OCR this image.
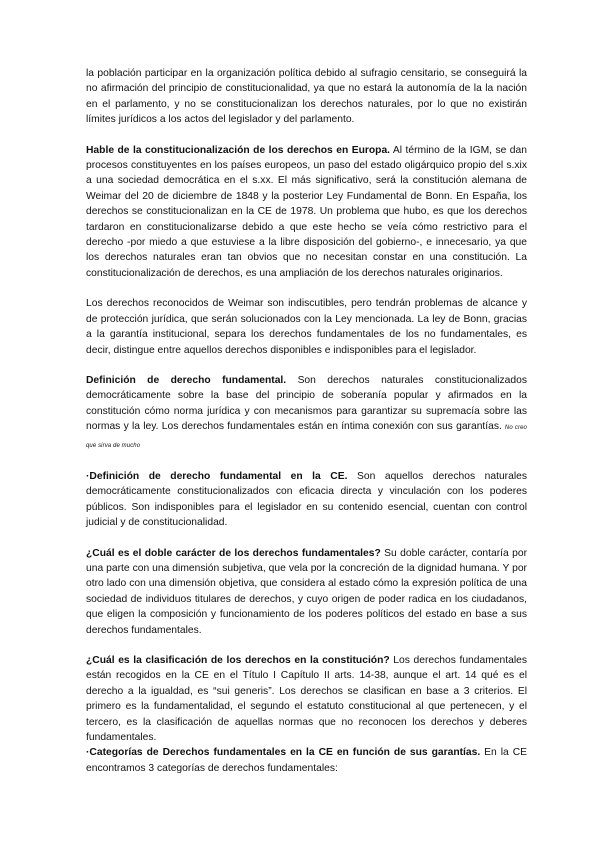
la población participar en la organización política debido al sufragio censitario, se conseguirá la no afirmación del principio de constitucionalidad, ya que no estará la autonomía de la la nación en el parlamento, y no se constitucionalizan los derechos naturales, por lo que no existirán límites jurídicos a los actos del legislador y del parlamento.

Hable de la constitucionalización de los derechos en Europa. Al término de la IGM, se dan procesos constituyentes en los países europeos, un paso del estado oligárquico propio del s.xix a una sociedad democrática en el s.xx. El más significativo, será la constitución alemana de Weimar del 20 de diciembre de 1848 y la posterior Ley Fundamental de Bonn. En España, los derechos se constitucionalizan en la CE de 1978. Un problema que hubo, es que los derechos tardaron en constitucionalizarse debido a que este hecho se veía cómo restrictivo para el derecho -por miedo a que estuviese a la libre disposición del gobierno-, e innecesario, ya que los derechos naturales eran tan obvios que no necesitan constar en una constitución. La constitucionalización de derechos, es una ampliación de los derechos naturales originarios.

Los derechos reconocidos de Weimar son indiscutibles, pero tendrán problemas de alcance y de protección jurídica, que serán solucionados con la Ley mencionada. La ley de Bonn, gracias a la garantía institucional, separa los derechos fundamentales de los no fundamentales, es decir, distingue entre aquellos derechos disponibles e indisponibles para el legislador.

Definición de derecho fundamental. Son derechos naturales constitucionalizados democráticamente sobre la base del principio de soberanía popular y afirmados en la constitución cómo norma jurídica y con mecanismos para garantizar su supremacía sobre las normas y la ley. Los derechos fundamentales están en íntima conexión con sus garantías. No creo que sirva de mucho

·Definición de derecho fundamental en la CE. Son aquellos derechos naturales democráticamente constitucionalizados con eficacia directa y vinculación con los poderes públicos. Son indisponibles para el legislador en su contenido esencial, cuentan con control judicial y de constitucionalidad.

¿Cuál es el doble carácter de los derechos fundamentales? Su doble carácter, contaría por una parte con una dimensión subjetiva, que vela por la concreción de la dignidad humana. Y por otro lado con una dimensión objetiva, que considera al estado cómo la expresión política de una sociedad de individuos titulares de derechos, y cuyo origen de poder radica en los ciudadanos, que eligen la composición y funcionamiento de los poderes políticos del estado en base a sus derechos fundamentales.

¿Cuál es la clasificación de los derechos en la constitución? Los derechos fundamentales están recogidos en la CE en el Título I Capítulo II arts. 14-38, aunque el art. 14 qué es el derecho a la igualdad, es “sui generis”. Los derechos se clasifican en base a 3 criterios. El primero es la fundamentalidad, el segundo el estatuto constitucional al que pertenecen, y el tercero, es la clasificación de aquellas normas que no reconocen los derechos y deberes fundamentales.

·Categorías de Derechos fundamentales en la CE en función de sus garantías. En la CE encontramos 3 categorías de derechos fundamentales:
